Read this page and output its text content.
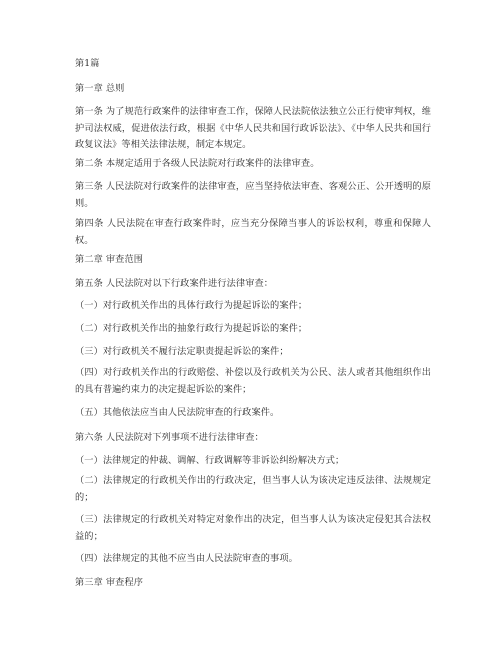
第1篇
第一章 总则
第一条 为了规范行政案件的法律审查工作，保障人民法院依法独立公正行使审判权，维护司法权威，促进依法行政，根据《中华人民共和国行政诉讼法》、《中华人民共和国行政复议法》等相关法律法规，制定本规定。
第二条 本规定适用于各级人民法院对行政案件的法律审查。
第三条 人民法院对行政案件的法律审查，应当坚持依法审查、客观公正、公开透明的原则。
第四条 人民法院在审查行政案件时，应当充分保障当事人的诉讼权利，尊重和保障人权。
第二章 审查范围
第五条 人民法院对以下行政案件进行法律审查：
（一）对行政机关作出的具体行政行为提起诉讼的案件；
（二）对行政机关作出的抽象行政行为提起诉讼的案件；
（三）对行政机关不履行法定职责提起诉讼的案件；
（四）对行政机关作出的行政赔偿、补偿以及行政机关为公民、法人或者其他组织作出的具有普遍约束力的决定提起诉讼的案件；
（五）其他依法应当由人民法院审查的行政案件。
第六条 人民法院对下列事项不进行法律审查：
（一）法律规定的仲裁、调解、行政调解等非诉讼纠纷解决方式；
（二）法律规定的行政机关作出的行政决定，但当事人认为该决定违反法律、法规规定的；
（三）法律规定的行政机关对特定对象作出的决定，但当事人认为该决定侵犯其合法权益的；
（四）法律规定的其他不应当由人民法院审查的事项。
第三章 审查程序
